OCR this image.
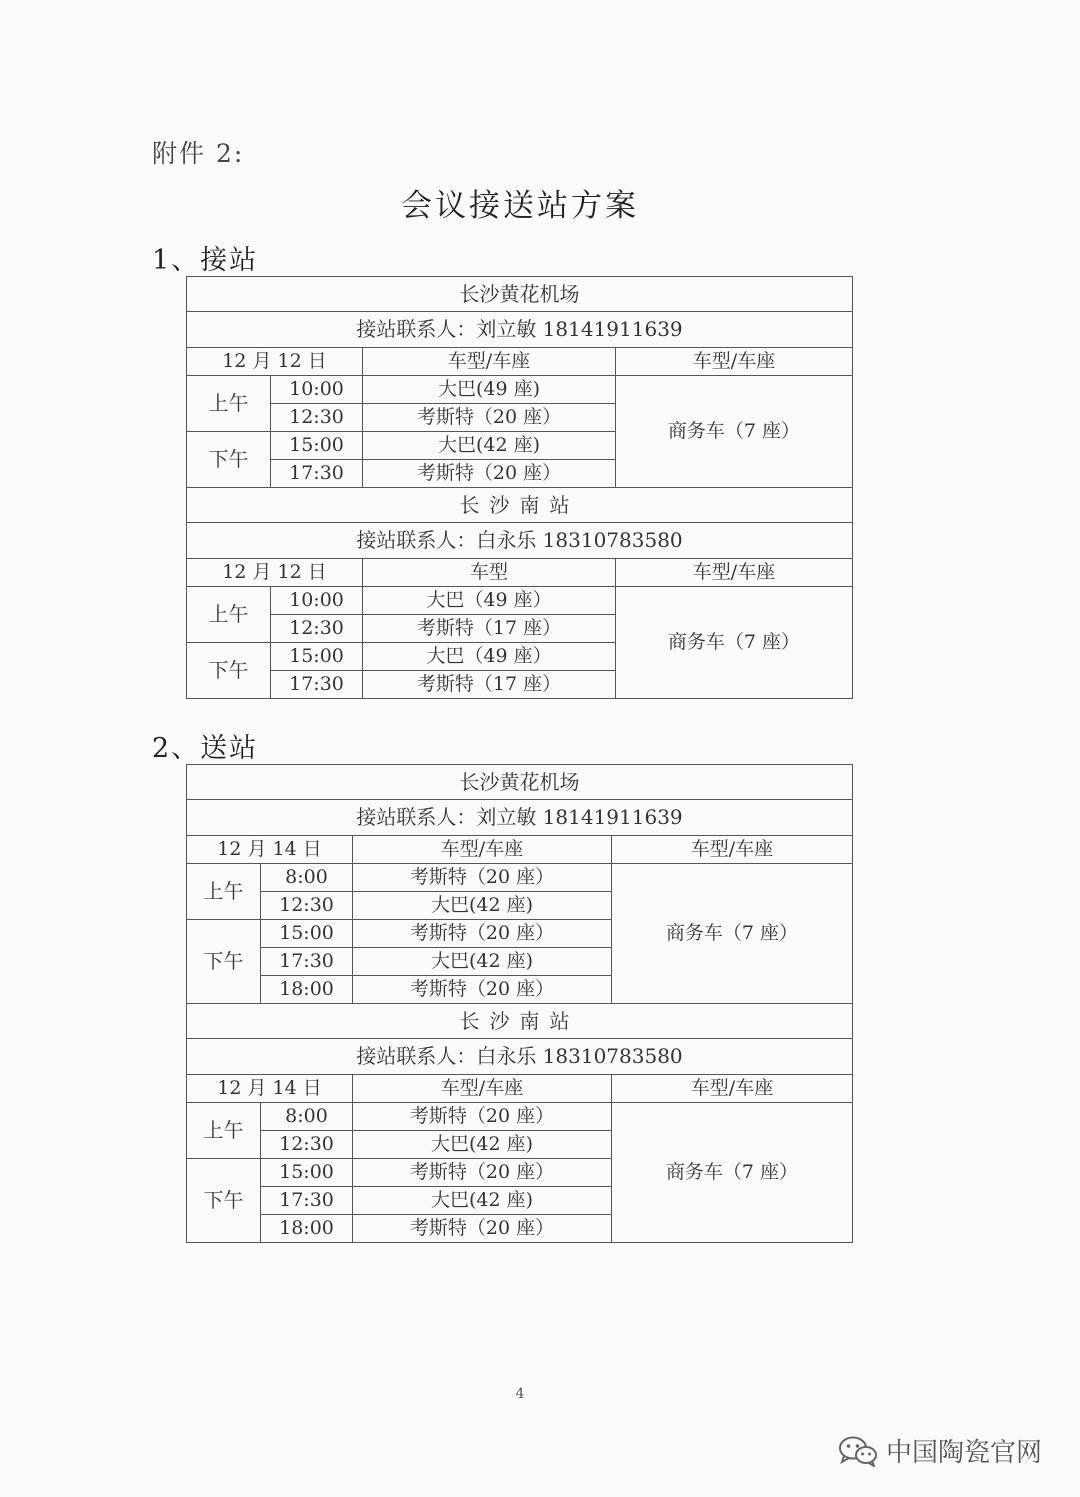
附件 2:
会议接送站方案
1、接站
长沙黄花机场			
接站联系人：刘立敏 18141911639			
12 月 12 日		车型/车座	车型/车座
上午	10:00	大巴(49 座)	商务车（7 座）
	12:30	考斯特（20 座）	
下午	15:00	大巴(42 座)	
	17:30	考斯特（20 座）	
长沙南站			
接站联系人：白永乐 18310783580			
12 月 12 日		车型	车型/车座
上午	10:00	大巴（49 座）	商务车（7 座）
	12:30	考斯特（17 座）	
下午	15:00	大巴（49 座）	
	17:30	考斯特（17 座）	
2、送站
长沙黄花机场			
接站联系人：刘立敏 18141911639			
12 月 14 日		车型/车座	车型/车座
上午	8:00	考斯特（20 座）	商务车（7 座）
	12:30	大巴(42 座)	
下午	15:00	考斯特（20 座）	
	17:30	大巴(42 座)	
	18:00	考斯特（20 座）	
长沙南站			
接站联系人：白永乐 18310783580			
12 月 14 日		车型/车座	车型/车座
上午	8:00	考斯特（20 座）	商务车（7 座）
	12:30	大巴(42 座)	
下午	15:00	考斯特（20 座）	
	17:30	大巴(42 座)	
	18:00	考斯特（20 座）	
4
中国陶瓷官网
